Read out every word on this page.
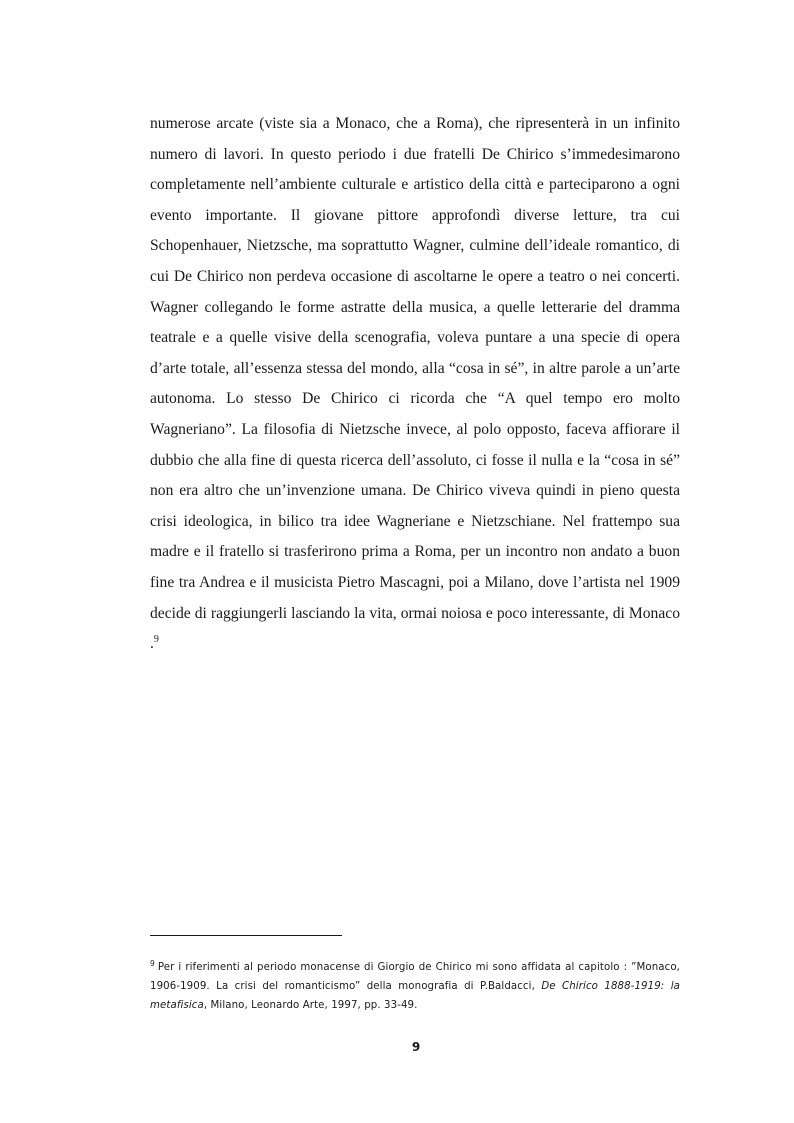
numerose arcate (viste sia a Monaco, che a Roma), che ripresenterà in un infinito numero di lavori. In questo periodo i due fratelli De Chirico s’immedesimarono completamente nell’ambiente culturale e artistico della città e parteciparono a ogni evento importante. Il giovane pittore approfondì diverse letture, tra cui Schopenhauer, Nietzsche, ma soprattutto Wagner, culmine dell’ideale romantico, di cui De Chirico non perdeva occasione di ascoltarne le opere a teatro o nei concerti. Wagner collegando le forme astratte della musica, a quelle letterarie del dramma teatrale e a quelle visive della scenografia, voleva puntare a una specie di opera d’arte totale, all’essenza stessa del mondo, alla “cosa in sé”, in altre parole a un’arte autonoma. Lo stesso De Chirico ci ricorda che “A quel tempo ero molto Wagneriano”. La filosofia di Nietzsche invece, al polo opposto, faceva affiorare il dubbio che alla fine di questa ricerca dell’assoluto, ci fosse il nulla e la “cosa in sé” non era altro che un’invenzione umana. De Chirico viveva quindi in pieno questa crisi ideologica, in bilico tra idee Wagneriane e Nietzschiane. Nel frattempo sua madre e il fratello si trasferirono prima a Roma, per un incontro non andato a buon fine tra Andrea e il musicista Pietro Mascagni, poi a Milano, dove l’artista nel 1909 decide di raggiungerli lasciando la vita, ormai noiosa e poco interessante, di Monaco .$^9$

$^9$ Per i riferimenti al periodo monacense di Giorgio de Chirico mi sono affidata al capitolo : ”Monaco, 1906-1909. La crisi del romanticismo” della monografia di P.Baldacci, De Chirico 1888-1919: la metafisica, Milano, Leonardo Arte, 1997, pp. 33-49.

9
